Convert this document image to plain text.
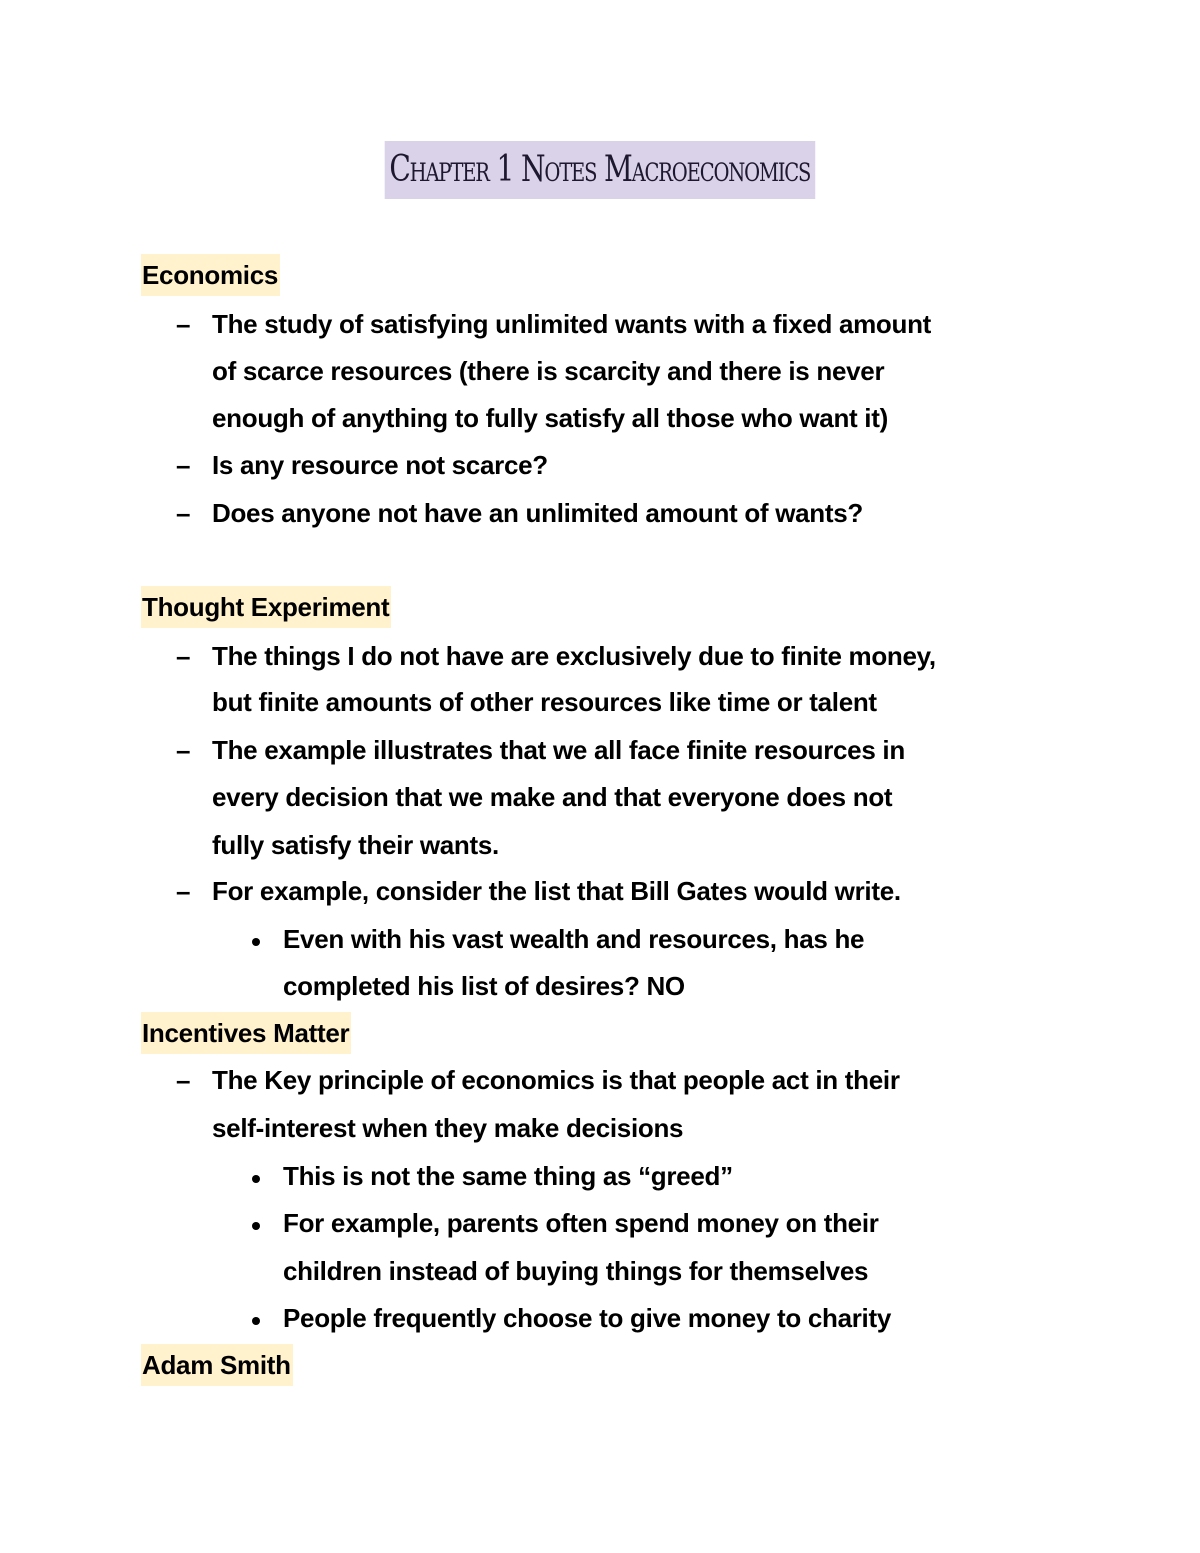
Chapter 1 Notes Macroeconomics
Economics
– The study of satisfying unlimited wants with a fixed amount
of scarce resources (there is scarcity and there is never
enough of anything to fully satisfy all those who want it)
– Is any resource not scarce?
– Does anyone not have an unlimited amount of wants?
Thought Experiment
– The things I do not have are exclusively due to finite money,
but finite amounts of other resources like time or talent
– The example illustrates that we all face finite resources in
every decision that we make and that everyone does not
fully satisfy their wants.
– For example, consider the list that Bill Gates would write.
Even with his vast wealth and resources, has he
completed his list of desires? NO
Incentives Matter
– The Key principle of economics is that people act in their
self-interest when they make decisions
This is not the same thing as “greed”
For example, parents often spend money on their
children instead of buying things for themselves
People frequently choose to give money to charity
Adam Smith
